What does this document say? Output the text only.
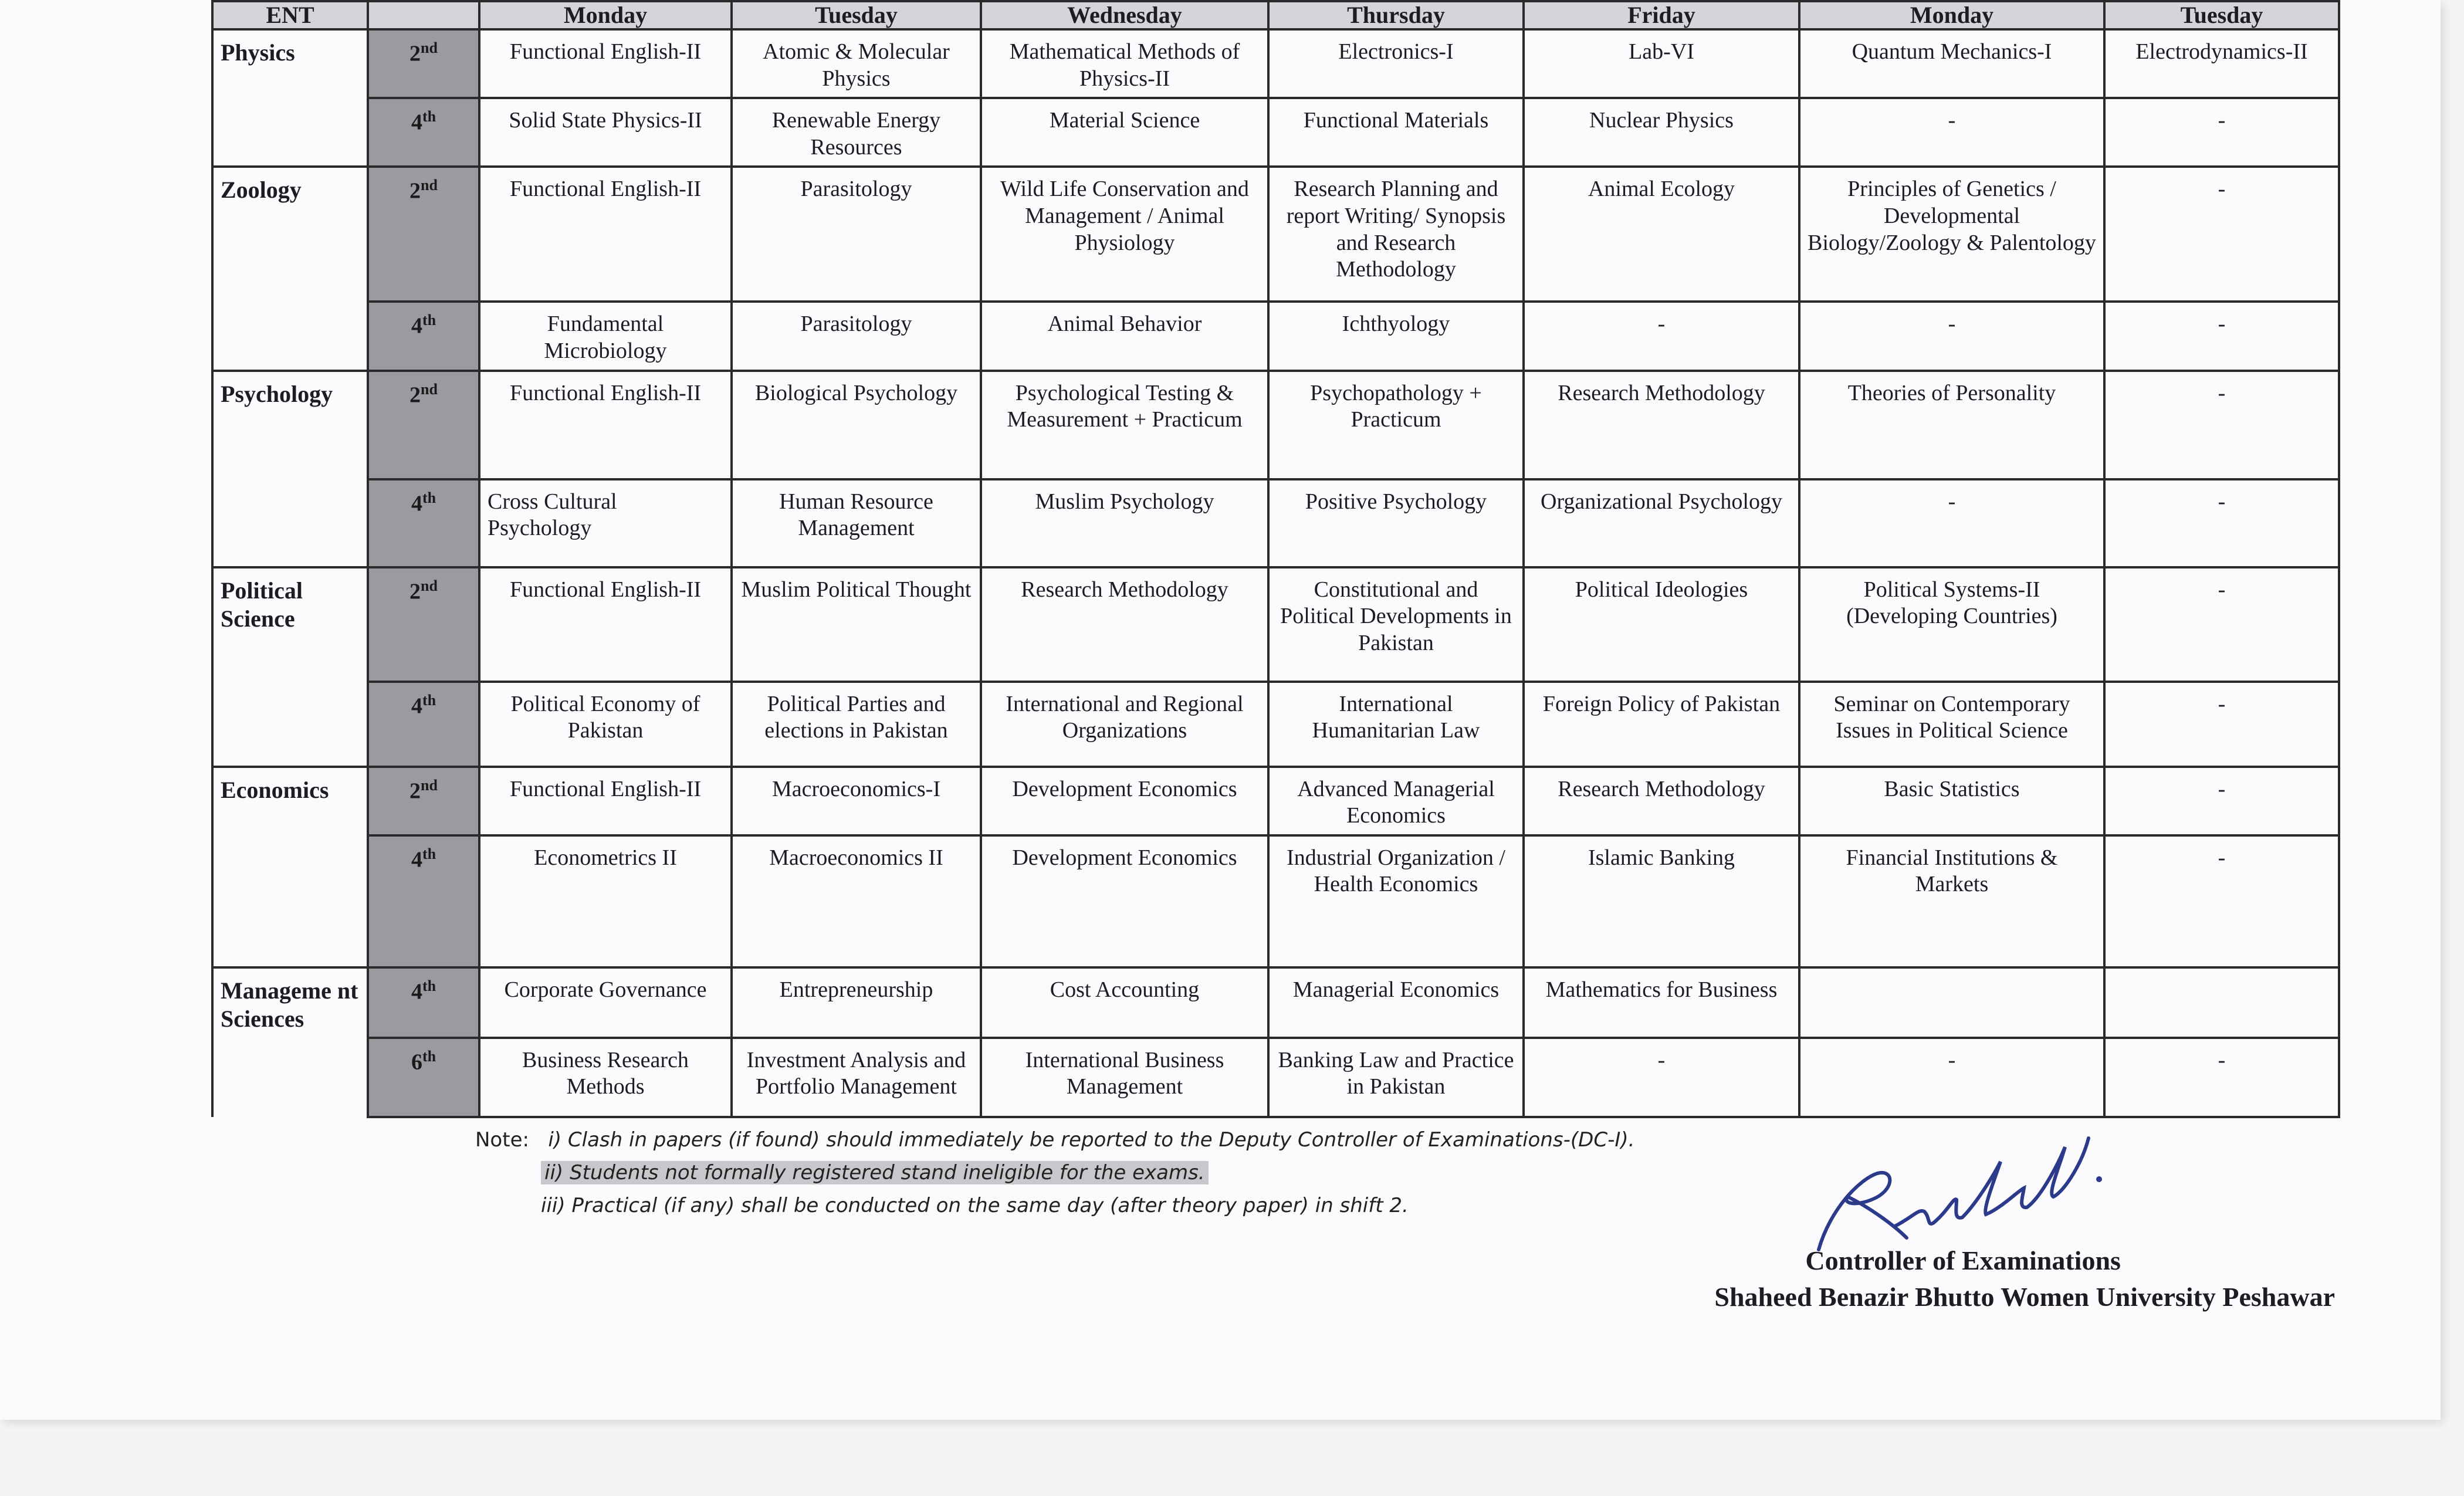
ENT		Monday	Tuesday	Wednesday	Thursday	Friday	Monday	Tuesday
Physics	2nd	Functional English-II	Atomic & Molecular Physics	Mathematical Methods of Physics-II	Electronics-I	Lab-VI	Quantum Mechanics-I	Electrodynamics-II
	4th	Solid State Physics-II	Renewable Energy Resources	Material Science	Functional Materials	Nuclear Physics	-	-
Zoology	2nd	Functional English-II	Parasitology	Wild Life Conservation and Management / Animal Physiology	Research Planning and report Writing/ Synopsis and Research Methodology	Animal Ecology	Principles of Genetics / Developmental Biology/Zoology & Palentology	-
	4th	Fundamental Microbiology	Parasitology	Animal Behavior	Ichthyology	-	-	-
Psychology	2nd	Functional English-II	Biological Psychology	Psychological Testing & Measurement + Practicum	Psychopathology + Practicum	Research Methodology	Theories of Personality	-
	4th	Cross Cultural Psychology	Human Resource Management	Muslim Psychology	Positive Psychology	Organizational Psychology	-	-
Political Science	2nd	Functional English-II	Muslim Political Thought	Research Methodology	Constitutional and Political Developments in Pakistan	Political Ideologies	Political Systems-II (Developing Countries)	-
	4th	Political Economy of Pakistan	Political Parties and elections in Pakistan	International and Regional Organizations	International Humanitarian Law	Foreign Policy of Pakistan	Seminar on Contemporary Issues in Political Science	-
Economics	2nd	Functional English-II	Macroeconomics-I	Development Economics	Advanced Managerial Economics	Research Methodology	Basic Statistics	-
	4th	Econometrics II	Macroeconomics II	Development Economics	Industrial Organization / Health Economics	Islamic Banking	Financial Institutions & Markets	-
Manageme nt Sciences	4th	Corporate Governance	Entrepreneurship	Cost Accounting	Managerial Economics	Mathematics for Business		
	6th	Business Research Methods	Investment Analysis and Portfolio Management	International Business Management	Banking Law and Practice in Pakistan	-	-	-
Note: i) Clash in papers (if found) should immediately be reported to the Deputy Controller of Examinations-(DC-I).
ii) Students not formally registered stand ineligible for the exams.
iii) Practical (if any) shall be conducted on the same day (after theory paper) in shift 2.
Controller of Examinations
Shaheed Benazir Bhutto Women University Peshawar
